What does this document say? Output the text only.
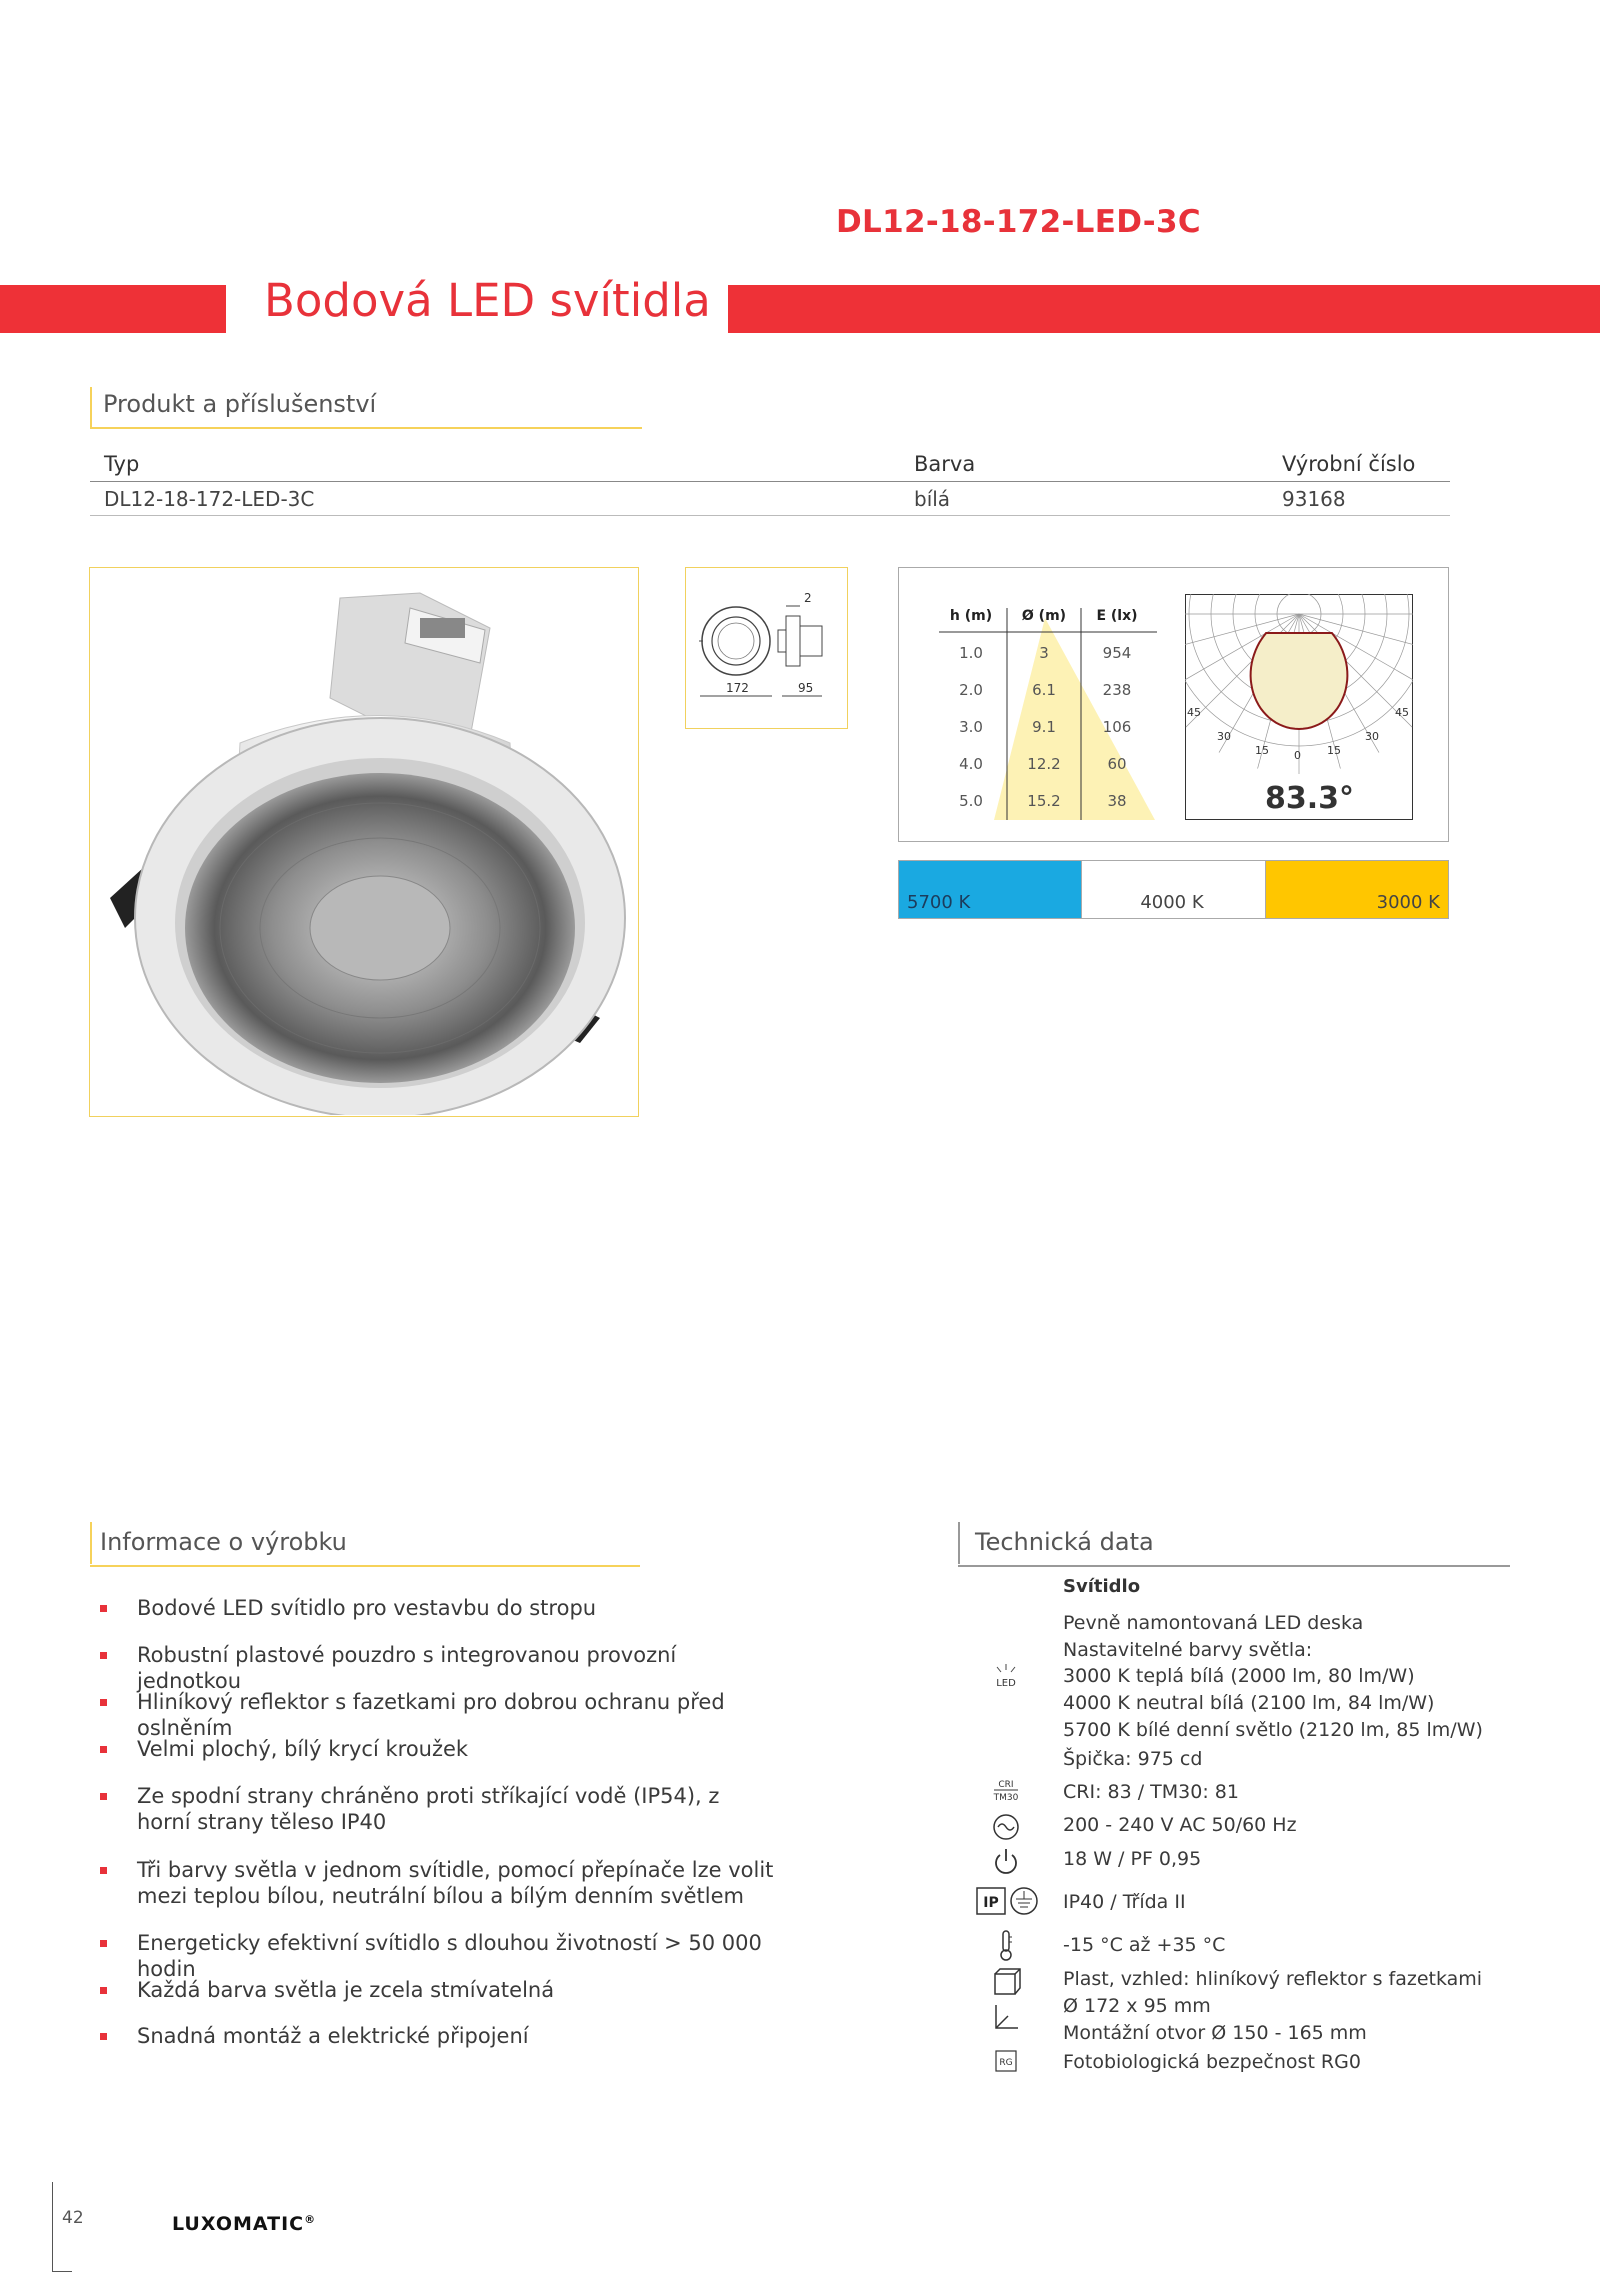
DL12-18-172-LED-3C
Bodová LED svítidla
Produkt a příslušenství
Typ	Barva	Výrobní číslo
DL12-18-172-LED-3C	bílá	93168
2
172	95
h (m) Ø (m) E (lx)
1.0	3	954
2.0	6.1	238
3.0	9.1	106
4.0	12.2	60
5.0	15.2	38
45
30
15 0 15
30
45
83.3°
5700 K	4000 K	3000 K
Informace o výrobku
Bodové LED svítidlo pro vestavbu do stropu
Robustní plastové pouzdro s integrovanou provozní jednotkou
Hliníkový reflektor s fazetkami pro dobrou ochranu před oslněním
Velmi plochý, bílý krycí kroužek
Ze spodní strany chráněno proti stříkající vodě (IP54), z horní strany těleso IP40
Tři barvy světla v jednom svítidle, pomocí přepínače lze volit mezi teplou bílou, neutrální bílou a bílým denním světlem
Energeticky efektivní svítidlo s dlouhou životností > 50 000 hodin
Každá barva světla je zcela stmívatelná
Snadná montáž a elektrické připojení
Technická data
Svítidlo
Pevně namontovaná LED deska
Nastavitelné barvy světla:
3000 K teplá bílá (2000 lm, 80 lm/W)
4000 K neutral bílá (2100 lm, 84 lm/W)
5700 K bílé denní světlo (2120 lm, 85 lm/W)
Špička: 975 cd
CRI: 83 / TM30: 81
200 - 240 V AC 50/60 Hz
18 W / PF 0,95
IP40 / Třída II
-15 °C až +35 °C
Plast, vzhled: hliníkový reflektor s fazetkami
Ø 172 x 95 mm
Montážní otvor Ø 150 - 165 mm
Fotobiologická bezpečnost RG0
LED
CRI
TM30
IP
RG
42	LUXOMATIC®
